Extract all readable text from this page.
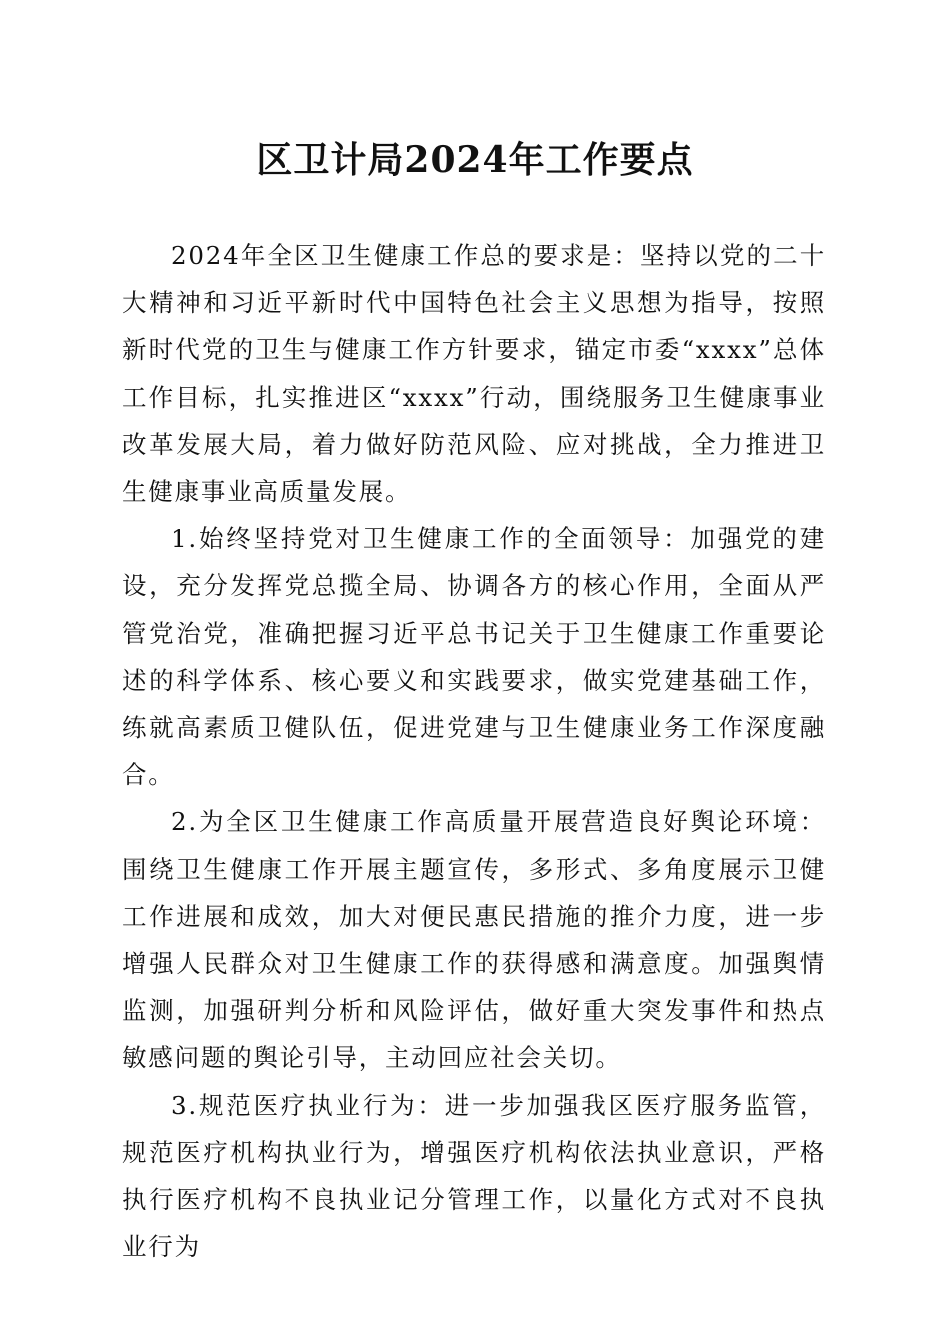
区卫计局2024年工作要点

2024年全区卫生健康工作总的要求是：坚持以党的二十大精神和习近平新时代中国特色社会主义思想为指导，按照新时代党的卫生与健康工作方针要求，锚定市委“xxxx”总体工作目标，扎实推进区“xxxx”行动，围绕服务卫生健康事业改革发展大局，着力做好防范风险、应对挑战，全力推进卫生健康事业高质量发展。

1.始终坚持党对卫生健康工作的全面领导：加强党的建设，充分发挥党总揽全局、协调各方的核心作用，全面从严管党治党，准确把握习近平总书记关于卫生健康工作重要论述的科学体系、核心要义和实践要求，做实党建基础工作，练就高素质卫健队伍，促进党建与卫生健康业务工作深度融合。

2.为全区卫生健康工作高质量开展营造良好舆论环境：围绕卫生健康工作开展主题宣传，多形式、多角度展示卫健工作进展和成效，加大对便民惠民措施的推介力度，进一步增强人民群众对卫生健康工作的获得感和满意度。加强舆情监测，加强研判分析和风险评估，做好重大突发事件和热点敏感问题的舆论引导，主动回应社会关切。

3.规范医疗执业行为：进一步加强我区医疗服务监管，规范医疗机构执业行为，增强医疗机构依法执业意识，严格执行医疗机构不良执业记分管理工作，以量化方式对不良执业行为
